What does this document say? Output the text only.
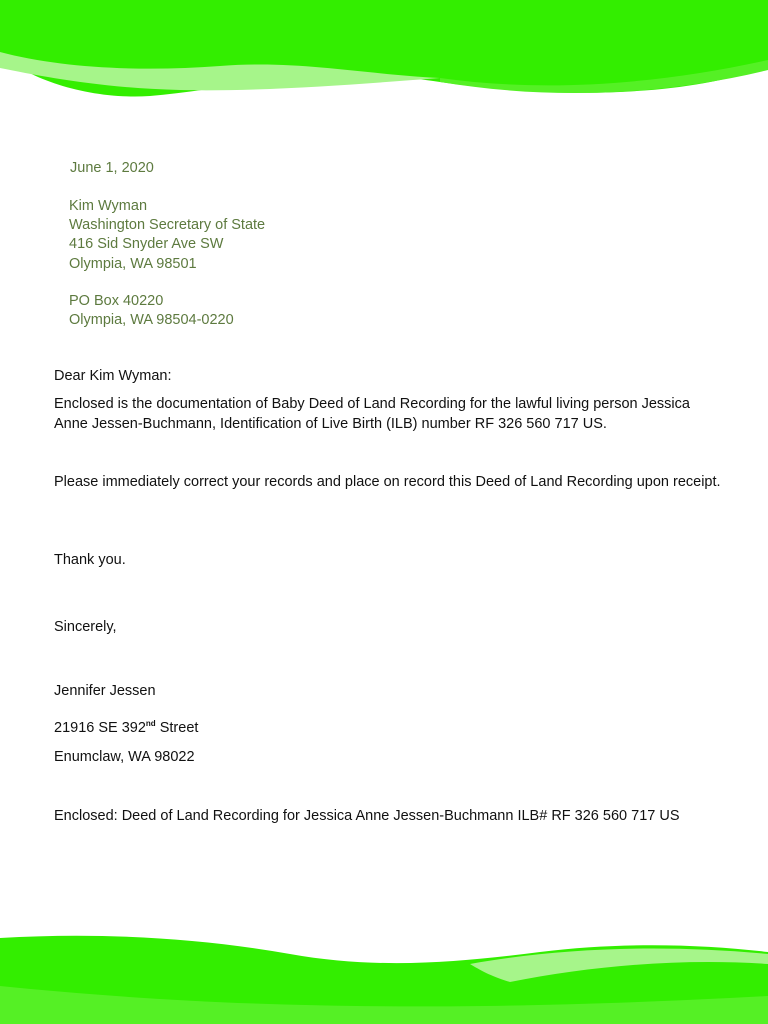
June 1, 2020
Kim Wyman
Washington Secretary of State
416 Sid Snyder Ave SW
Olympia, WA 98501
PO Box 40220
Olympia, WA 98504-0220
Dear Kim Wyman:
Enclosed is the documentation of Baby Deed of Land Recording for the lawful living person Jessica Anne Jessen-Buchmann, Identification of Live Birth (ILB) number RF 326 560 717 US.
Please immediately correct your records and place on record this Deed of Land Recording upon receipt.
Thank you.
Sincerely,
Jennifer Jessen
21916 SE 392nd Street
Enumclaw, WA 98022
Enclosed: Deed of Land Recording for Jessica Anne Jessen-Buchmann ILB# RF 326 560 717 US
